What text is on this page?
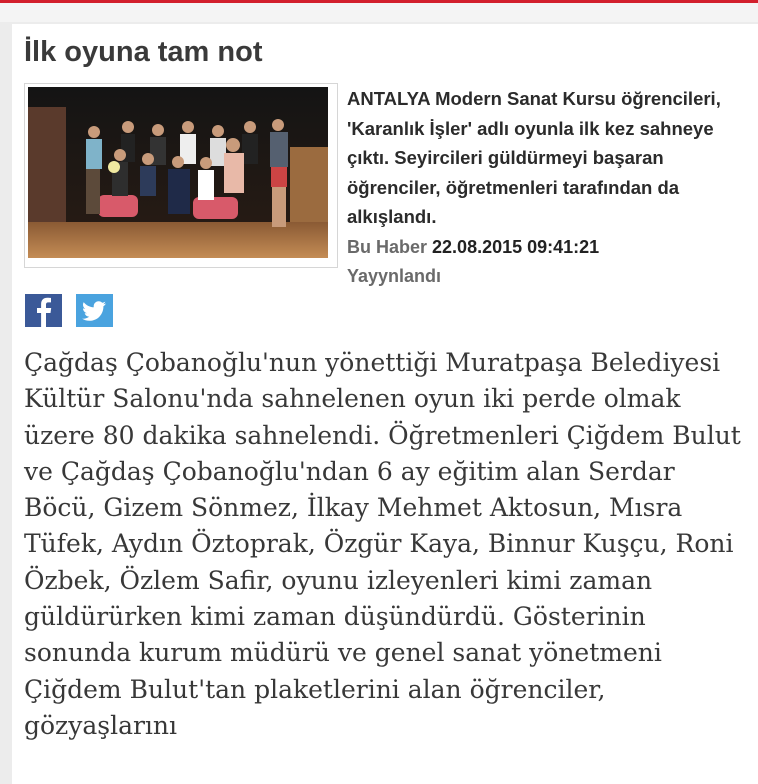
İlk oyuna tam not
ANTALYA Modern Sanat Kursu öğrencileri, 'Karanlık İşler' adlı oyunla ilk kez sahneye çıktı. Seyircileri güldürmeyi başaran öğrenciler, öğretmenleri tarafından da alkışlandı.
Bu Haber 22.08.2015 09:41:21
Yayynlandı

Çağdaş Çobanoğlu'nun yönettiği Muratpaşa Belediyesi Kültür Salonu'nda sahnelenen oyun iki perde olmak üzere 80 dakika sahnelendi. Öğretmenleri Çiğdem Bulut ve Çağdaş Çobanoğlu'ndan 6 ay eğitim alan Serdar Böcü, Gizem Sönmez, İlkay Mehmet Aktosun, Mısra Tüfek, Aydın Öztoprak, Özgür Kaya, Binnur Kuşçu, Roni Özbek, Özlem Safir, oyunu izleyenleri kimi zaman güldürürken kimi zaman düşündürdü. Gösterinin sonunda kurum müdürü ve genel sanat yönetmeni Çiğdem Bulut'tan plaketlerini alan öğrenciler, gözyaşlarını
